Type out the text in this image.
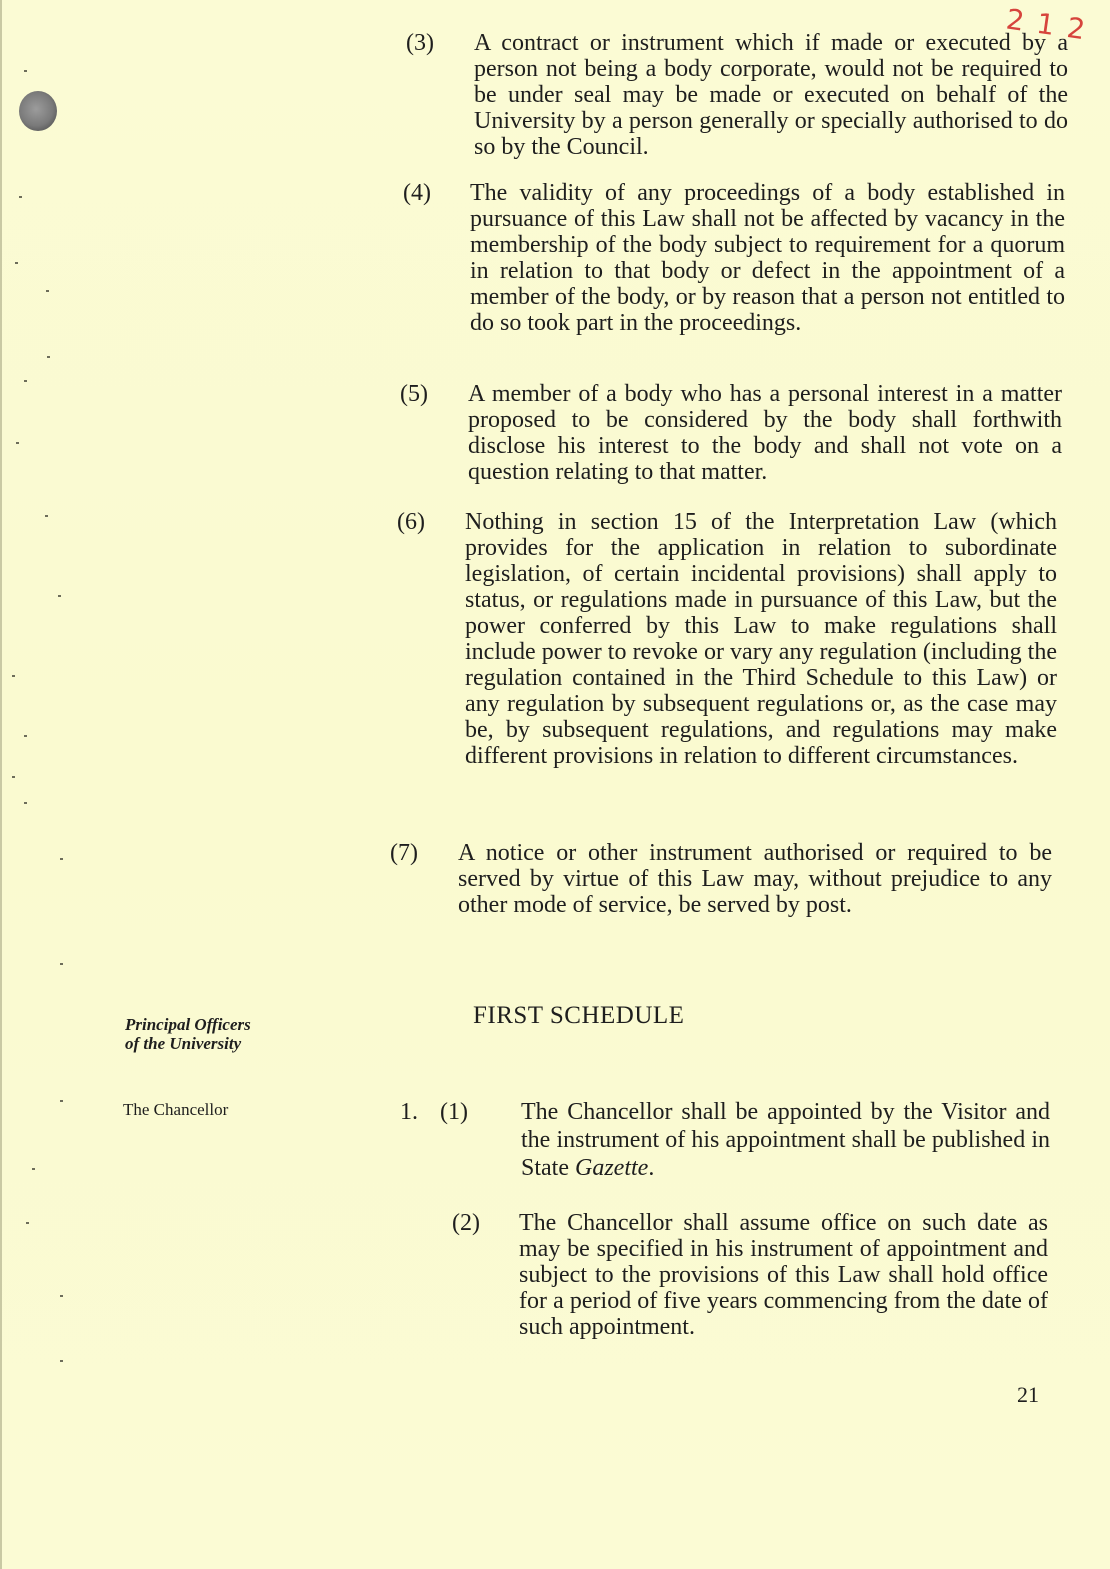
2 1 2
(3) A contract or instrument which if made or executed by a person not being a body corporate, would not be required to be under seal may be made or executed on behalf of the University by a person generally or specially authorised to do so by the Council.
(4) The validity of any proceedings of a body established in pursuance of this Law shall not be affected by vacancy in the membership of the body subject to requirement for a quorum in relation to that body or defect in the appointment of a member of the body, or by reason that a person not entitled to do so took part in the proceedings.
(5) A member of a body who has a personal interest in a matter proposed to be considered by the body shall forthwith disclose his interest to the body and shall not vote on a question relating to that matter.
(6) Nothing in section 15 of the Interpretation Law (which provides for the application in relation to subordinate legislation, of certain incidental provisions) shall apply to status, or regulations made in pursuance of this Law, but the power conferred by this Law to make regulations shall include power to revoke or vary any regulation (including the regulation contained in the Third Schedule to this Law) or any regulation by subsequent regulations or, as the case may be, by subsequent regulations, and regulations may make different provisions in relation to different circumstances.
(7) A notice or other instrument authorised or required to be served by virtue of this Law may, without prejudice to any other mode of service, be served by post.
FIRST SCHEDULE
Principal Officers
of the University
The Chancellor	1. (1) The Chancellor shall be appointed by the Visitor and the instrument of his appointment shall be published in State Gazette.
(2) The Chancellor shall assume office on such date as may be specified in his instrument of appointment and subject to the provisions of this Law shall hold office for a period of five years commencing from the date of such appointment.
21
